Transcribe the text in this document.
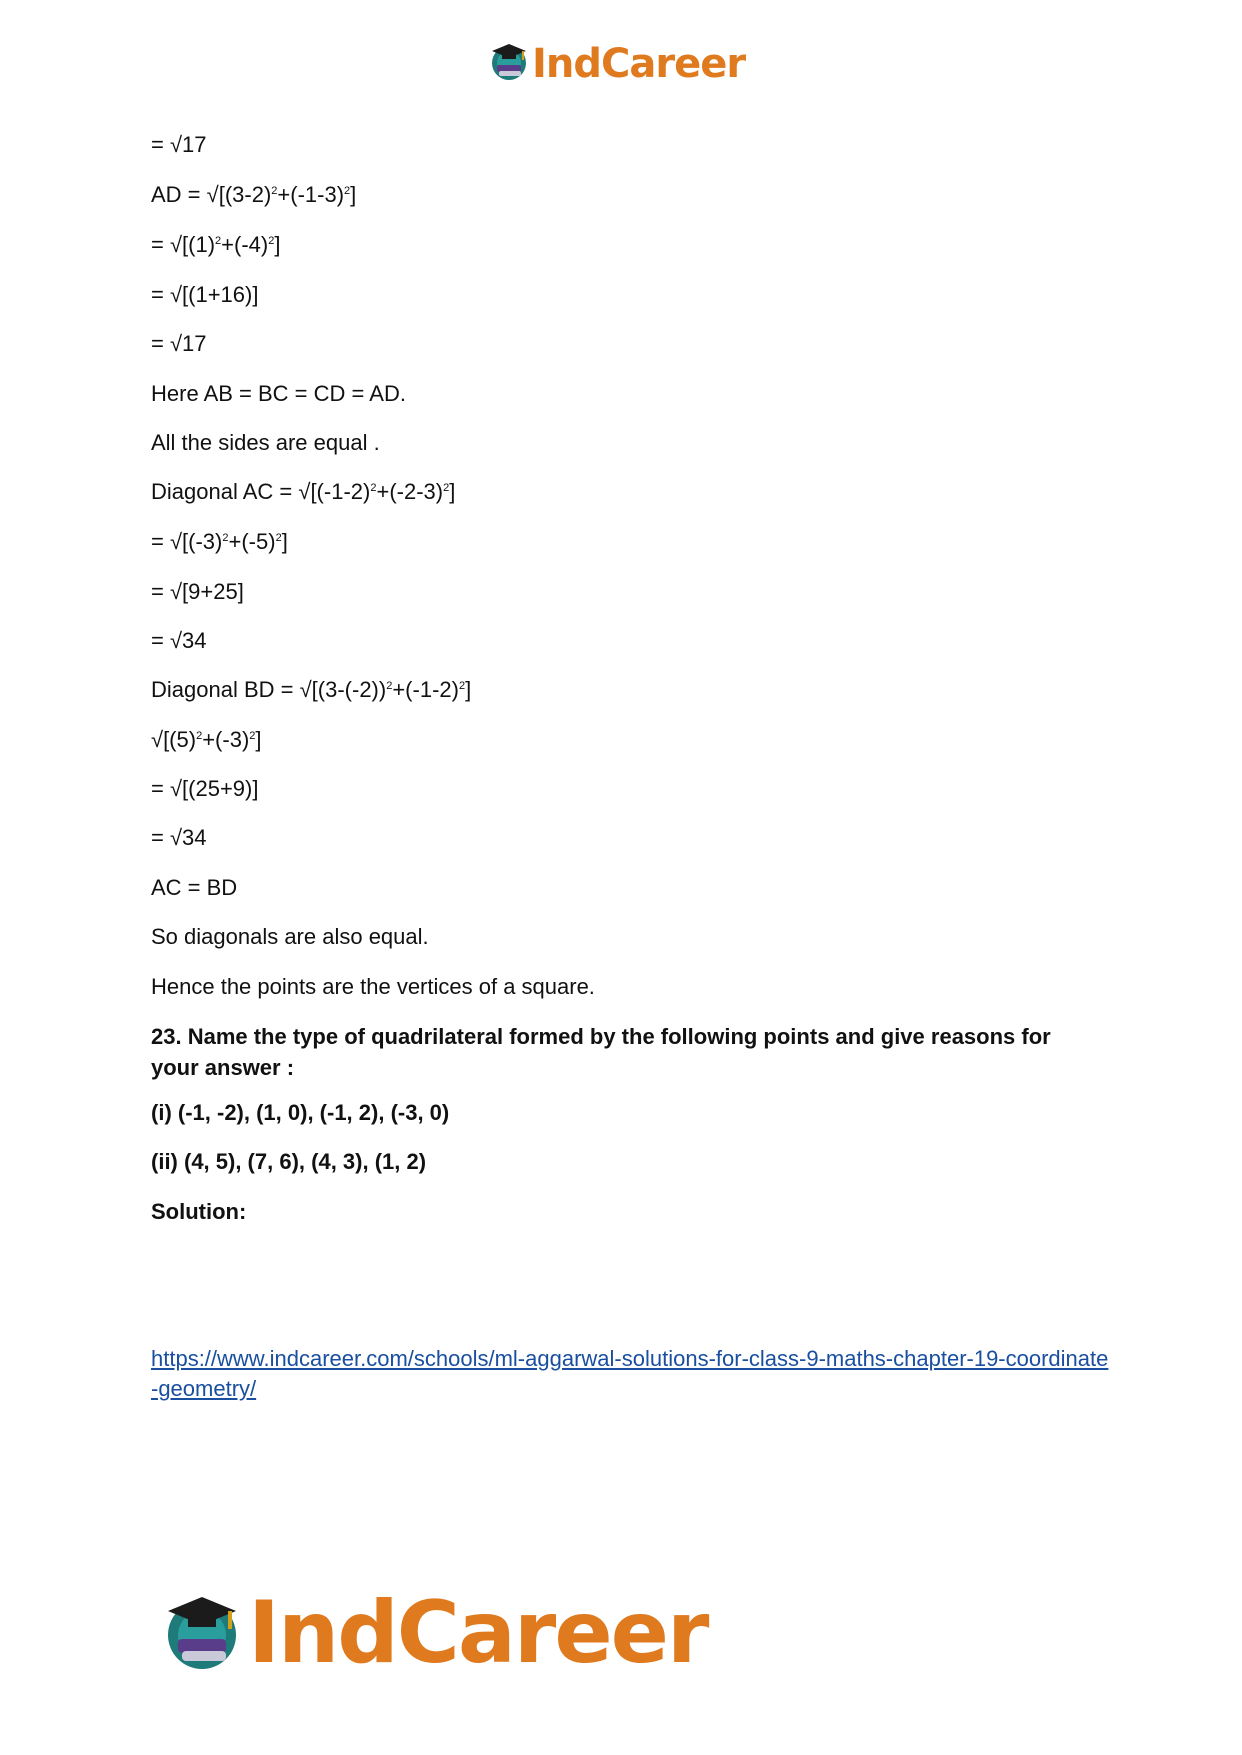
IndCareer
= √17
AD = $√[(3-2)^2+(-1-3)^2]$
= $√[(1)^2+(-4)^2]$
= √[(1+16)]
= √17
Here AB = BC = CD = AD.
All the sides are equal .
Diagonal AC = $√[(-1-2)^2+(-2-3)^2]$
= $√[(-3)^2+(-5)^2]$
= √[9+25]
= √34
Diagonal BD = $√[(3-(-2))^2+(-1-2)^2]$
$√[(5)^2+(-3)^2]$
= √[(25+9)]
= √34
AC = BD
So diagonals are also equal.
Hence the points are the vertices of a square.
23. Name the type of quadrilateral formed by the following points and give reasons for your answer :
(i) (-1, -2), (1, 0), (-1, 2), (-3, 0)
(ii) (4, 5), (7, 6), (4, 3), (1, 2)
Solution:
https://www.indcareer.com/schools/ml-aggarwal-solutions-for-class-9-maths-chapter-19-coordinate-geometry/
IndCareer
